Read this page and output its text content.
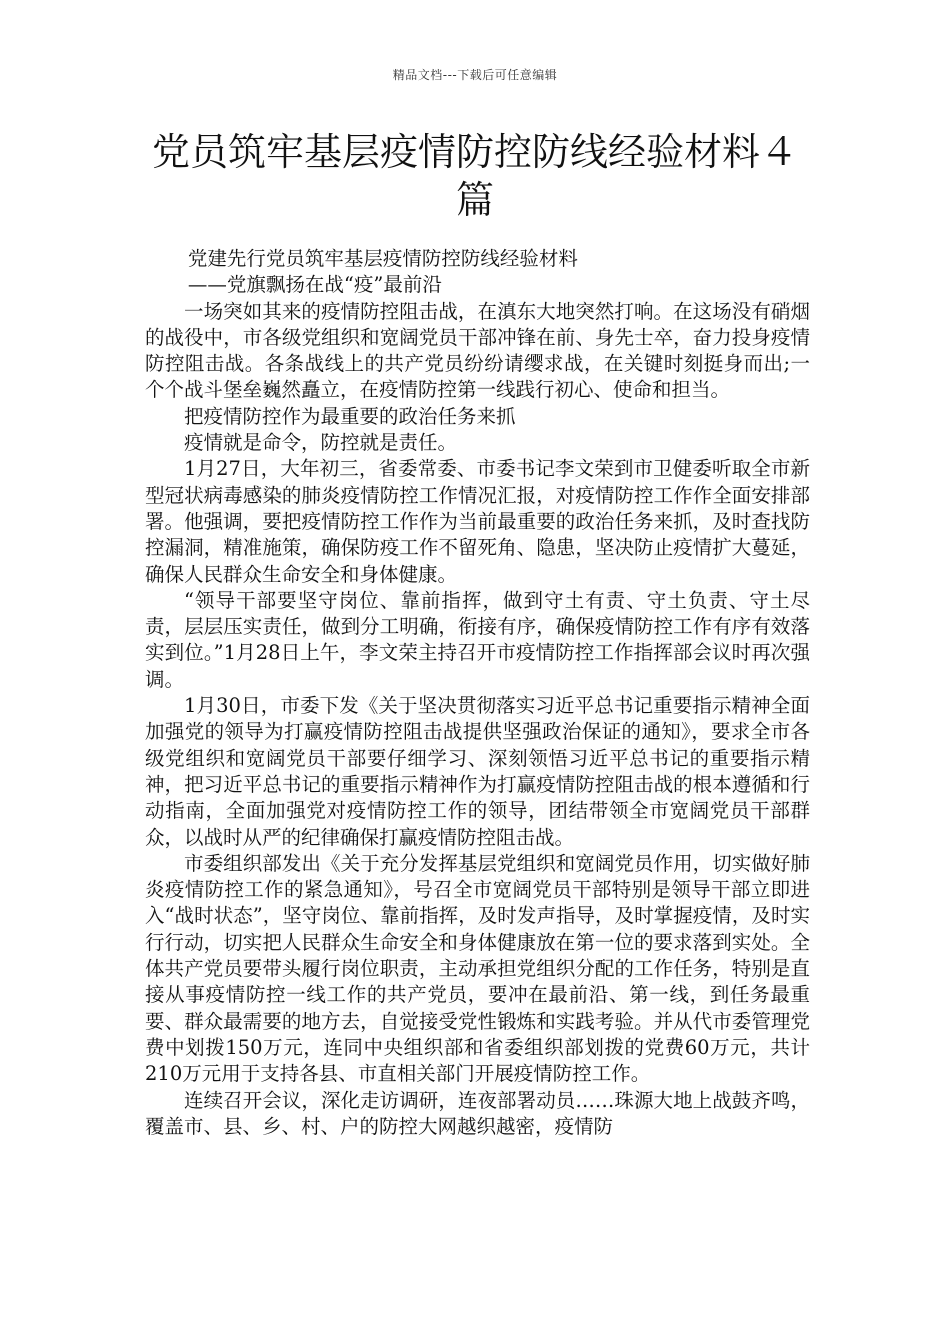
精品文档---下载后可任意编辑
党员筑牢基层疫情防控防线经验材料４篇

党建先行党员筑牢基层疫情防控防线经验材料

——党旗飘扬在战“疫”最前沿

一场突如其来的疫情防控阻击战，在滇东大地突然打响。在这场没有硝烟的战役中，市各级党组织和宽阔党员干部冲锋在前、身先士卒，奋力投身疫情防控阻击战。各条战线上的共产党员纷纷请缨求战，在关键时刻挺身而出;一个个战斗堡垒巍然矗立，在疫情防控第一线践行初心、使命和担当。

把疫情防控作为最重要的政治任务来抓

疫情就是命令，防控就是责任。

1月27日，大年初三，省委常委、市委书记李文荣到市卫健委听取全市新型冠状病毒感染的肺炎疫情防控工作情况汇报，对疫情防控工作作全面安排部署。他强调，要把疫情防控工作作为当前最重要的政治任务来抓，及时查找防控漏洞，精准施策，确保防疫工作不留死角、隐患，坚决防止疫情扩大蔓延，确保人民群众生命安全和身体健康。

“领导干部要坚守岗位、靠前指挥，做到守土有责、守土负责、守土尽责，层层压实责任，做到分工明确，衔接有序，确保疫情防控工作有序有效落实到位。”1月28日上午，李文荣主持召开市疫情防控工作指挥部会议时再次强调。

1月30日，市委下发《关于坚决贯彻落实习近平总书记重要指示精神全面加强党的领导为打赢疫情防控阻击战提供坚强政治保证的通知》，要求全市各级党组织和宽阔党员干部要仔细学习、深刻领悟习近平总书记的重要指示精神，把习近平总书记的重要指示精神作为打赢疫情防控阻击战的根本遵循和行动指南，全面加强党对疫情防控工作的领导，团结带领全市宽阔党员干部群众，以战时从严的纪律确保打赢疫情防控阻击战。

市委组织部发出《关于充分发挥基层党组织和宽阔党员作用，切实做好肺炎疫情防控工作的紧急通知》，号召全市宽阔党员干部特别是领导干部立即进入“战时状态”，坚守岗位、靠前指挥，及时发声指导，及时掌握疫情，及时实行行动，切实把人民群众生命安全和身体健康放在第一位的要求落到实处。全体共产党员要带头履行岗位职责，主动承担党组织分配的工作任务，特别是直接从事疫情防控一线工作的共产党员，要冲在最前沿、第一线，到任务最重要、群众最需要的地方去，自觉接受党性锻炼和实践考验。并从代市委管理党费中划拨150万元，连同中央组织部和省委组织部划拨的党费60万元，共计210万元用于支持各县、市直相关部门开展疫情防控工作。

连续召开会议，深化走访调研，连夜部署动员……珠源大地上战鼓齐鸣，覆盖市、县、乡、村、户的防控大网越织越密，疫情防
